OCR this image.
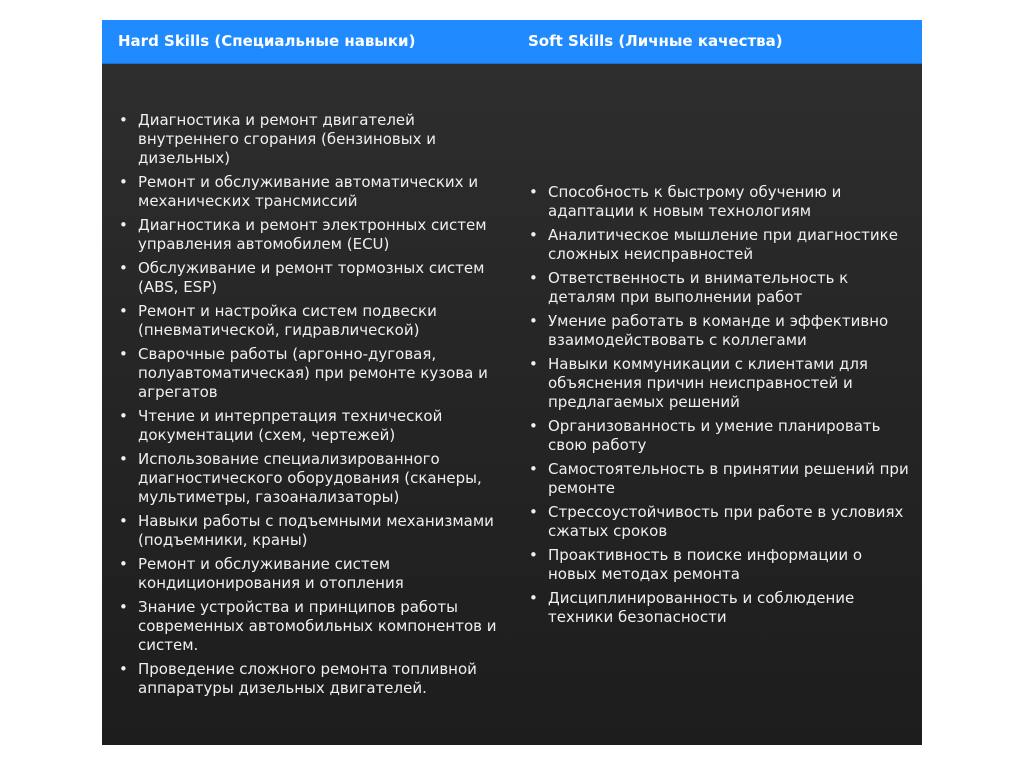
Hard Skills (Специальные навыки)	Soft Skills (Личные качества)
• Диагностика и ремонт двигателей внутреннего сгорания (бензиновых и дизельных)
• Ремонт и обслуживание автоматических и механических трансмиссий
• Диагностика и ремонт электронных систем управления автомобилем (ECU)
• Обслуживание и ремонт тормозных систем (ABS, ESP)
• Ремонт и настройка систем подвески (пневматической, гидравлической)
• Сварочные работы (аргонно-дуговая, полуавтоматическая) при ремонте кузова и агрегатов
• Чтение и интерпретация технической документации (схем, чертежей)
• Использование специализированного диагностического оборудования (сканеры, мультиметры, газоанализаторы)
• Навыки работы с подъемными механизмами (подъемники, краны)
• Ремонт и обслуживание систем кондиционирования и отопления
• Знание устройства и принципов работы современных автомобильных компонентов и систем.
• Проведение сложного ремонта топливной аппаратуры дизельных двигателей.
• Способность к быстрому обучению и адаптации к новым технологиям
• Аналитическое мышление при диагностике сложных неисправностей
• Ответственность и внимательность к деталям при выполнении работ
• Умение работать в команде и эффективно взаимодействовать с коллегами
• Навыки коммуникации с клиентами для объяснения причин неисправностей и предлагаемых решений
• Организованность и умение планировать свою работу
• Самостоятельность в принятии решений при ремонте
• Стрессоустойчивость при работе в условиях сжатых сроков
• Проактивность в поиске информации о новых методах ремонта
• Дисциплинированность и соблюдение техники безопасности
